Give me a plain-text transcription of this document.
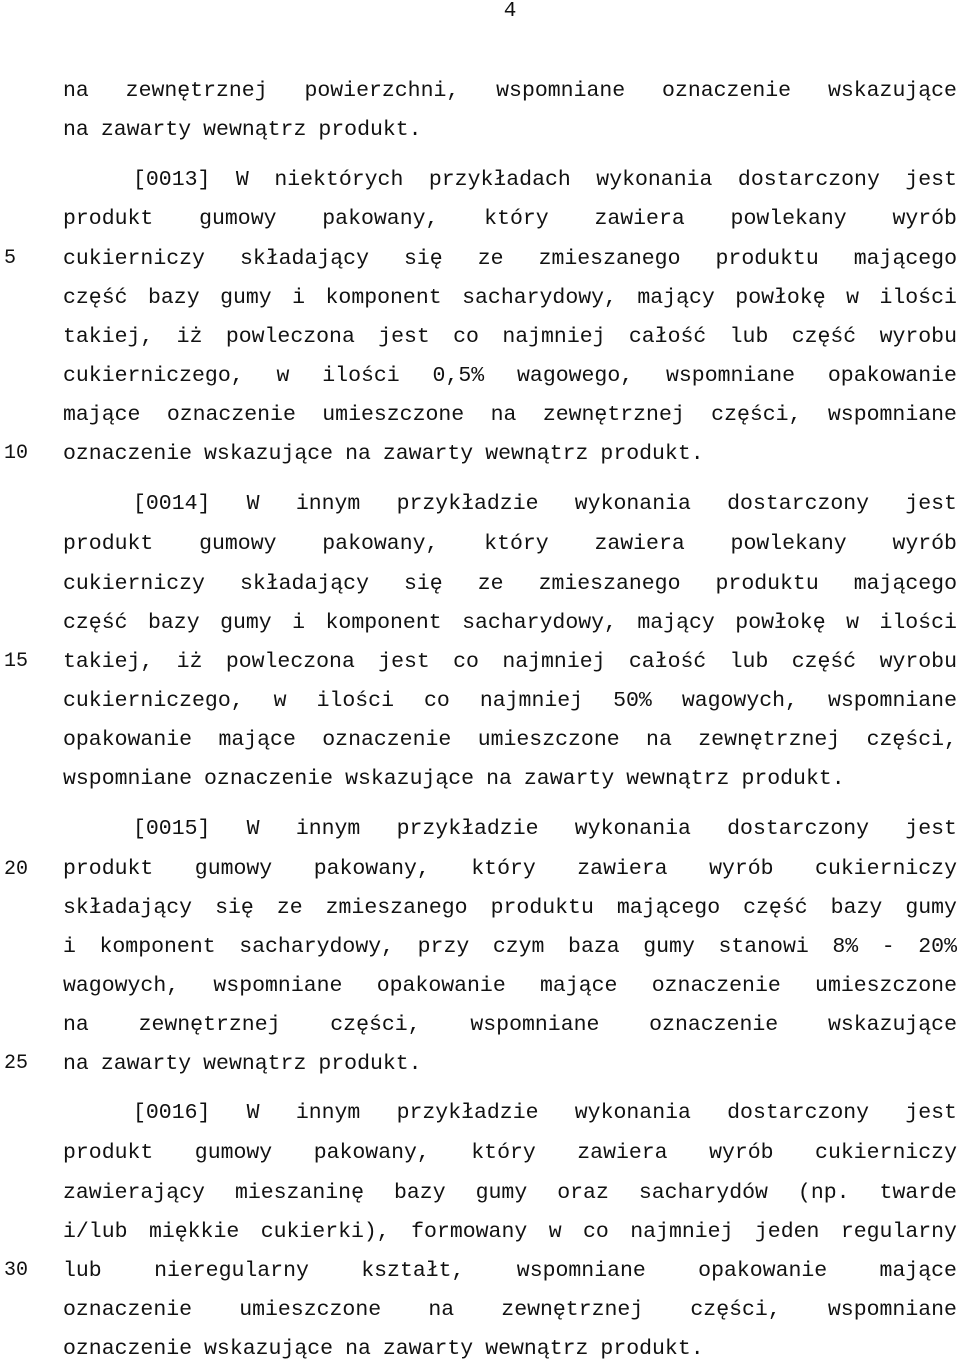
4
5
10
15
20
25
30
na zewnętrznej powierzchni, wspomniane oznaczenie wskazujące
na zawarty wewnątrz produkt.
[0013] W niektórych przykładach wykonania dostarczony jest
produkt gumowy pakowany, który zawiera powlekany wyrób
cukierniczy składający się ze zmieszanego produktu mającego
część bazy gumy i komponent sacharydowy, mający powłokę w ilości
takiej, iż powleczona jest co najmniej całość lub część wyrobu
cukierniczego, w ilości 0,5% wagowego, wspomniane opakowanie
mające oznaczenie umieszczone na zewnętrznej części, wspomniane
oznaczenie wskazujące na zawarty wewnątrz produkt.
[0014] W innym przykładzie wykonania dostarczony jest
produkt gumowy pakowany, który zawiera powlekany wyrób
cukierniczy składający się ze zmieszanego produktu mającego
część bazy gumy i komponent sacharydowy, mający powłokę w ilości
takiej, iż powleczona jest co najmniej całość lub część wyrobu
cukierniczego, w ilości co najmniej 50% wagowych, wspomniane
opakowanie mające oznaczenie umieszczone na zewnętrznej części,
wspomniane oznaczenie wskazujące na zawarty wewnątrz produkt.
[0015] W innym przykładzie wykonania dostarczony jest
produkt gumowy pakowany, który zawiera wyrób cukierniczy
składający się ze zmieszanego produktu mającego część bazy gumy
i komponent sacharydowy, przy czym baza gumy stanowi 8% - 20%
wagowych, wspomniane opakowanie mające oznaczenie umieszczone
na zewnętrznej części, wspomniane oznaczenie wskazujące
na zawarty wewnątrz produkt.
[0016] W innym przykładzie wykonania dostarczony jest
produkt gumowy pakowany, który zawiera wyrób cukierniczy
zawierający mieszaninę bazy gumy oraz sacharydów (np. twarde
i/lub miękkie cukierki), formowany w co najmniej jeden regularny
lub nieregularny kształt, wspomniane opakowanie mające
oznaczenie umieszczone na zewnętrznej części, wspomniane
oznaczenie wskazujące na zawarty wewnątrz produkt.
